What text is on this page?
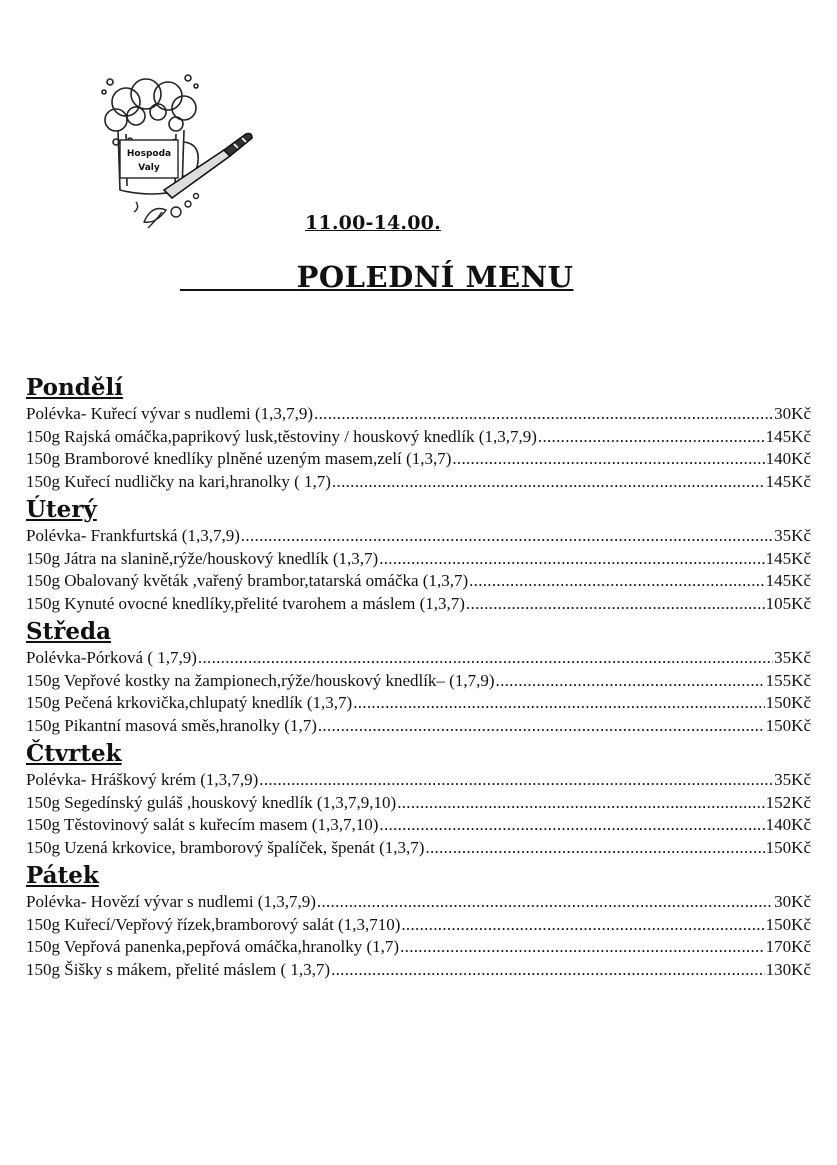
Hospoda
Valy
11.00-14.00.
POLEDNÍ MENU
Pondělí
Polévka- Kuřecí vývar s nudlemi (1,3,7,9) .....	30Kč
150g Rajská omáčka,paprikový lusk,těstoviny / houskový knedlík (1,3,7,9) .....	145Kč
150g Bramborové knedlíky plněné uzeným masem,zelí (1,3,7) .....	140Kč
150g Kuřecí nudličky na kari,hranolky ( 1,7) .....	145Kč
Úterý
Polévka- Frankfurtská (1,3,7,9) .....	35Kč
150g Játra na slanině,rýže/houskový knedlík (1,3,7) .....	145Kč
150g Obalovaný květák ,vařený brambor,tatarská omáčka (1,3,7) .....	145Kč
150g Kynuté ovocné knedlíky,přelité tvarohem a máslem (1,3,7) .....	105Kč
Středa
Polévka-Pórková ( 1,7,9) .....	35Kč
150g Vepřové kostky na žampionech,rýže/houskový knedlík– (1,7,9) .....	155Kč
150g Pečená krkovička,chlupatý knedlík (1,3,7) .....	150Kč
150g Pikantní masová směs,hranolky (1,7) .....	150Kč
Čtvrtek
Polévka- Hráškový krém (1,3,7,9) .....	35Kč
150g Segedínský guláš ,houskový knedlík (1,3,7,9,10) .....	152Kč
150g Těstovinový salát s kuřecím masem (1,3,7,10) .....	140Kč
150g Uzená krkovice, bramborový špalíček, špenát (1,3,7) .....	150Kč
Pátek
Polévka- Hovězí vývar s nudlemi (1,3,7,9) .....	30Kč
150g Kuřecí/Vepřový řízek,bramborový salát (1,3,710) .....	150Kč
150g Vepřová panenka,pepřová omáčka,hranolky (1,7) .....	170Kč
150g Šišky s mákem, přelité máslem ( 1,3,7) .....	130Kč
